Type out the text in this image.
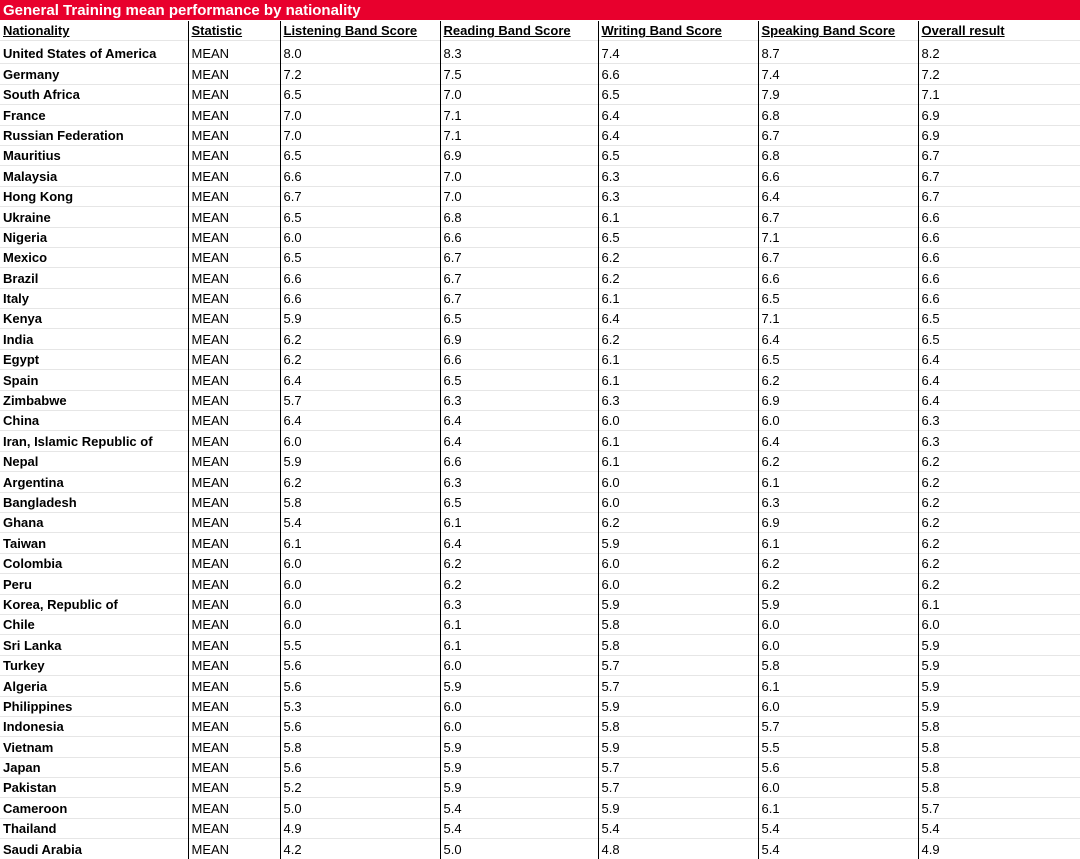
General Training mean performance by nationality
Nationality	Statistic	Listening Band Score	Reading Band Score	Writing Band Score	Speaking Band Score	Overall result
United States of America	MEAN	8.0	8.3	7.4	8.7	8.2
Germany	MEAN	7.2	7.5	6.6	7.4	7.2
South Africa	MEAN	6.5	7.0	6.5	7.9	7.1
France	MEAN	7.0	7.1	6.4	6.8	6.9
Russian Federation	MEAN	7.0	7.1	6.4	6.7	6.9
Mauritius	MEAN	6.5	6.9	6.5	6.8	6.7
Malaysia	MEAN	6.6	7.0	6.3	6.6	6.7
Hong Kong	MEAN	6.7	7.0	6.3	6.4	6.7
Ukraine	MEAN	6.5	6.8	6.1	6.7	6.6
Nigeria	MEAN	6.0	6.6	6.5	7.1	6.6
Mexico	MEAN	6.5	6.7	6.2	6.7	6.6
Brazil	MEAN	6.6	6.7	6.2	6.6	6.6
Italy	MEAN	6.6	6.7	6.1	6.5	6.6
Kenya	MEAN	5.9	6.5	6.4	7.1	6.5
India	MEAN	6.2	6.9	6.2	6.4	6.5
Egypt	MEAN	6.2	6.6	6.1	6.5	6.4
Spain	MEAN	6.4	6.5	6.1	6.2	6.4
Zimbabwe	MEAN	5.7	6.3	6.3	6.9	6.4
China	MEAN	6.4	6.4	6.0	6.0	6.3
Iran, Islamic Republic of	MEAN	6.0	6.4	6.1	6.4	6.3
Nepal	MEAN	5.9	6.6	6.1	6.2	6.2
Argentina	MEAN	6.2	6.3	6.0	6.1	6.2
Bangladesh	MEAN	5.8	6.5	6.0	6.3	6.2
Ghana	MEAN	5.4	6.1	6.2	6.9	6.2
Taiwan	MEAN	6.1	6.4	5.9	6.1	6.2
Colombia	MEAN	6.0	6.2	6.0	6.2	6.2
Peru	MEAN	6.0	6.2	6.0	6.2	6.2
Korea, Republic of	MEAN	6.0	6.3	5.9	5.9	6.1
Chile	MEAN	6.0	6.1	5.8	6.0	6.0
Sri Lanka	MEAN	5.5	6.1	5.8	6.0	5.9
Turkey	MEAN	5.6	6.0	5.7	5.8	5.9
Algeria	MEAN	5.6	5.9	5.7	6.1	5.9
Philippines	MEAN	5.3	6.0	5.9	6.0	5.9
Indonesia	MEAN	5.6	6.0	5.8	5.7	5.8
Vietnam	MEAN	5.8	5.9	5.9	5.5	5.8
Japan	MEAN	5.6	5.9	5.7	5.6	5.8
Pakistan	MEAN	5.2	5.9	5.7	6.0	5.8
Cameroon	MEAN	5.0	5.4	5.9	6.1	5.7
Thailand	MEAN	4.9	5.4	5.4	5.4	5.4
Saudi Arabia	MEAN	4.2	5.0	4.8	5.4	4.9
